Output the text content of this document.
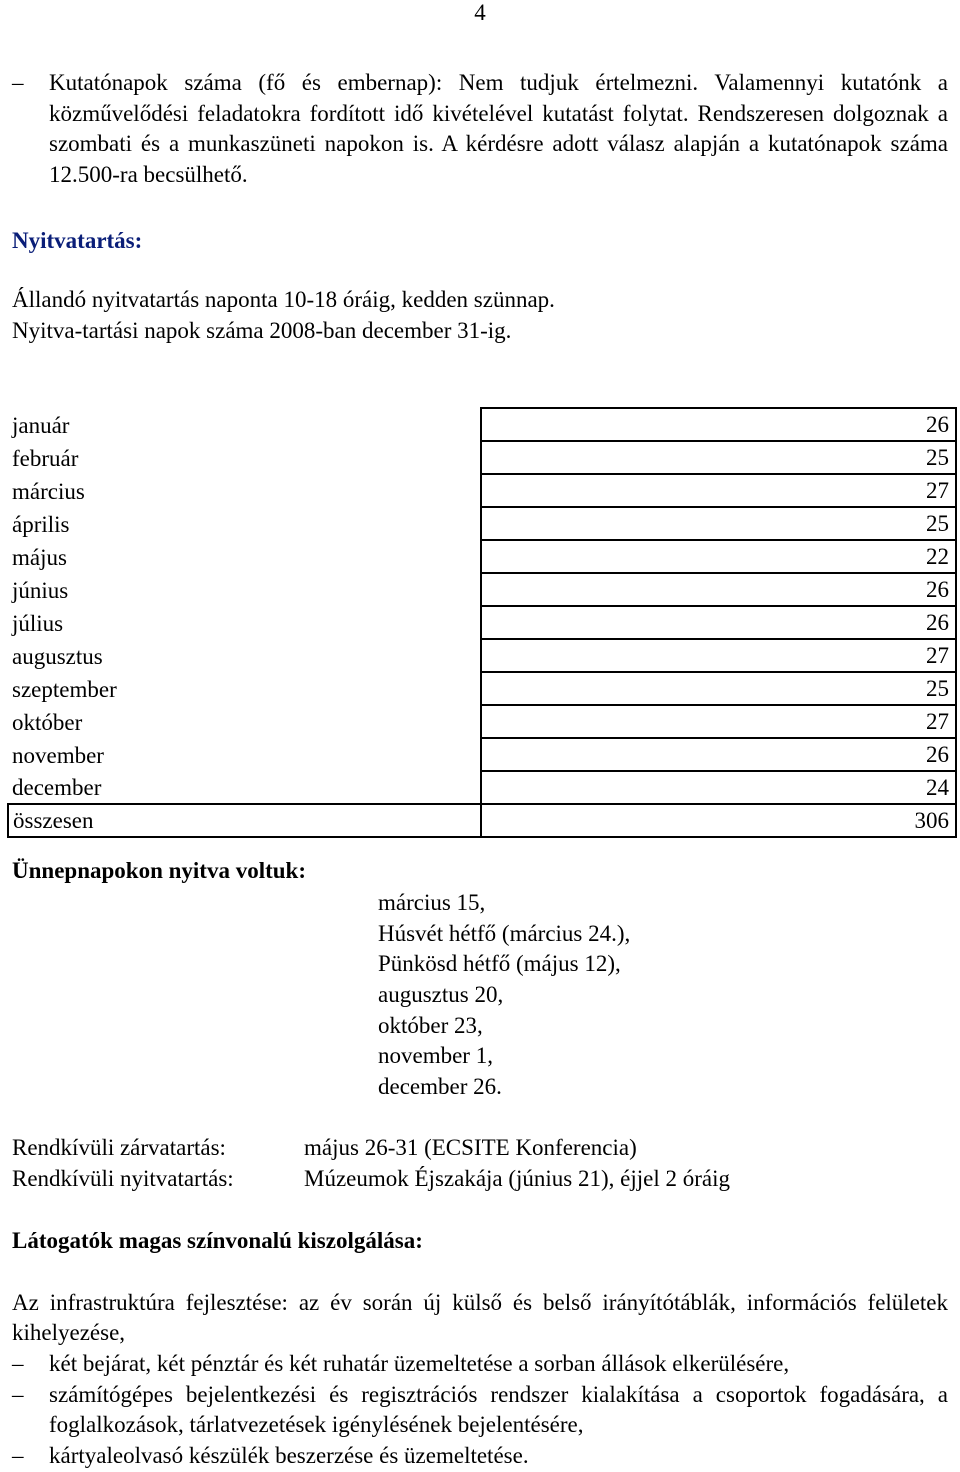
4
– Kutatónapok száma (fő és embernap): Nem tudjuk értelmezni. Valamennyi kutatónk a közművelődési feladatokra fordított idő kivételével kutatást folytat. Rendszeresen dolgoznak a szombati és a munkaszüneti napokon is. A kérdésre adott válasz alapján a kutatónapok száma 12.500-ra becsülhető.
Nyitvatartás:
Állandó nyitvatartás naponta 10-18 óráig, kedden szünnap.
Nyitva-tartási napok száma 2008-ban december 31-ig.
január	26
február	25
március	27
április	25
május	22
június	26
július	26
augusztus	27
szeptember	25
október	27
november	26
december	24
összesen	306
Ünnepnapokon nyitva voltuk:
március 15,
Húsvét hétfő (március 24.),
Pünkösd hétfő (május 12),
augusztus 20,
október 23,
november 1,
december 26.
Rendkívüli zárvatartás:	május 26-31 (ECSITE Konferencia)
Rendkívüli nyitvatartás:	Múzeumok Éjszakája (június 21), éjjel 2 óráig
Látogatók magas színvonalú kiszolgálása:
Az infrastruktúra fejlesztése: az év során új külső és belső irányítótáblák, információs felületek kihelyezése,
– két bejárat, két pénztár és két ruhatár üzemeltetése a sorban állások elkerülésére,
– számítógépes bejelentkezési és regisztrációs rendszer kialakítása a csoportok fogadására, a foglalkozások, tárlatvezetések igénylésének bejelentésére,
– kártyaleolvasó készülék beszerzése és üzemeltetése.
